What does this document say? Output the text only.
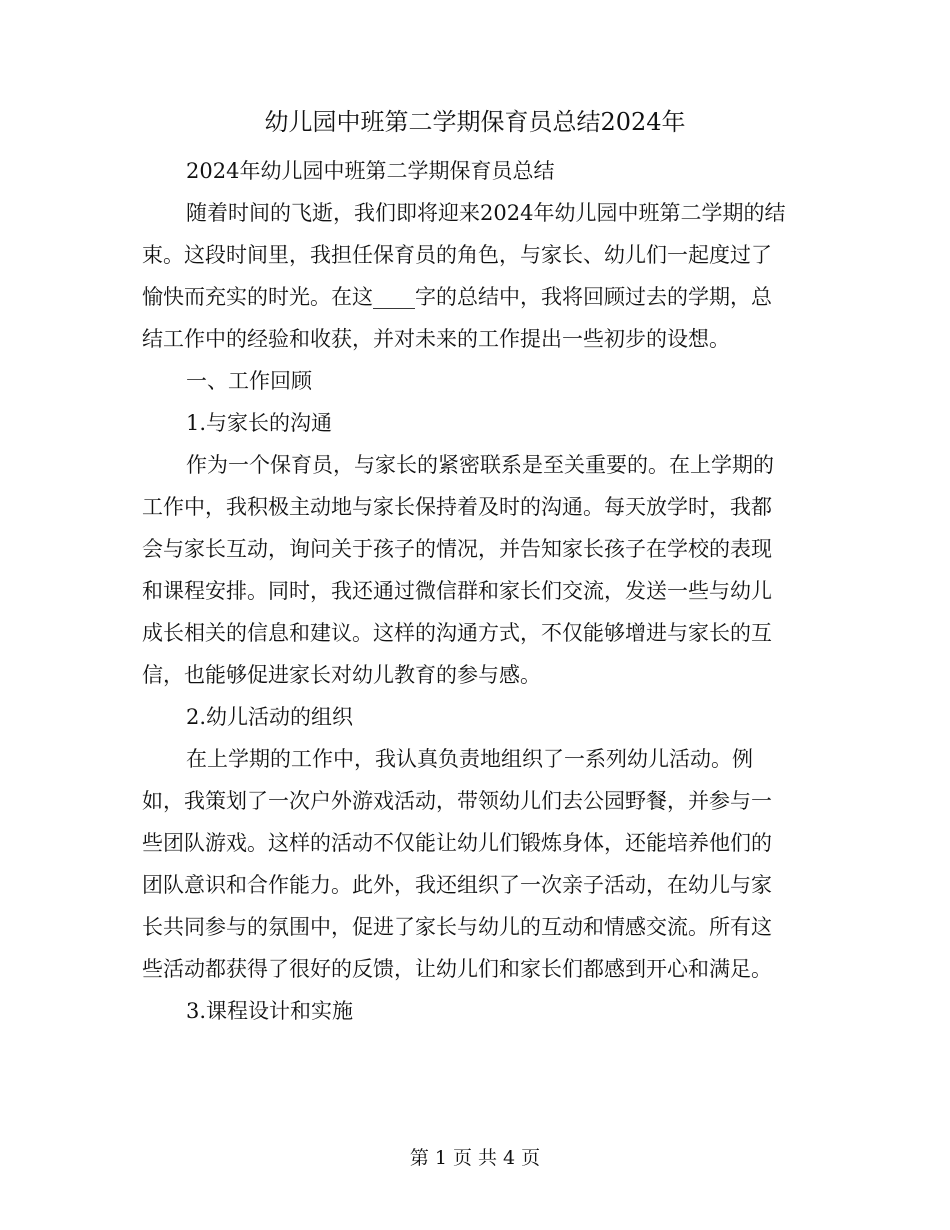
幼儿园中班第二学期保育员总结2024年

2024年幼儿园中班第二学期保育员总结

随着时间的飞逝，我们即将迎来2024年幼儿园中班第二学期的结

束。这段时间里，我担任保育员的角色，与家长、幼儿们一起度过了

愉快而充实的时光。在这____字的总结中，我将回顾过去的学期，总

结工作中的经验和收获，并对未来的工作提出一些初步的设想。

一、工作回顾

1.与家长的沟通

作为一个保育员，与家长的紧密联系是至关重要的。在上学期的

工作中，我积极主动地与家长保持着及时的沟通。每天放学时，我都

会与家长互动，询问关于孩子的情况，并告知家长孩子在学校的表现

和课程安排。同时，我还通过微信群和家长们交流，发送一些与幼儿

成长相关的信息和建议。这样的沟通方式，不仅能够增进与家长的互

信，也能够促进家长对幼儿教育的参与感。

2.幼儿活动的组织

在上学期的工作中，我认真负责地组织了一系列幼儿活动。例

如，我策划了一次户外游戏活动，带领幼儿们去公园野餐，并参与一

些团队游戏。这样的活动不仅能让幼儿们锻炼身体，还能培养他们的

团队意识和合作能力。此外，我还组织了一次亲子活动，在幼儿与家

长共同参与的氛围中，促进了家长与幼儿的互动和情感交流。所有这

些活动都获得了很好的反馈，让幼儿们和家长们都感到开心和满足。

3.课程设计和实施

第 1 页 共 4 页
